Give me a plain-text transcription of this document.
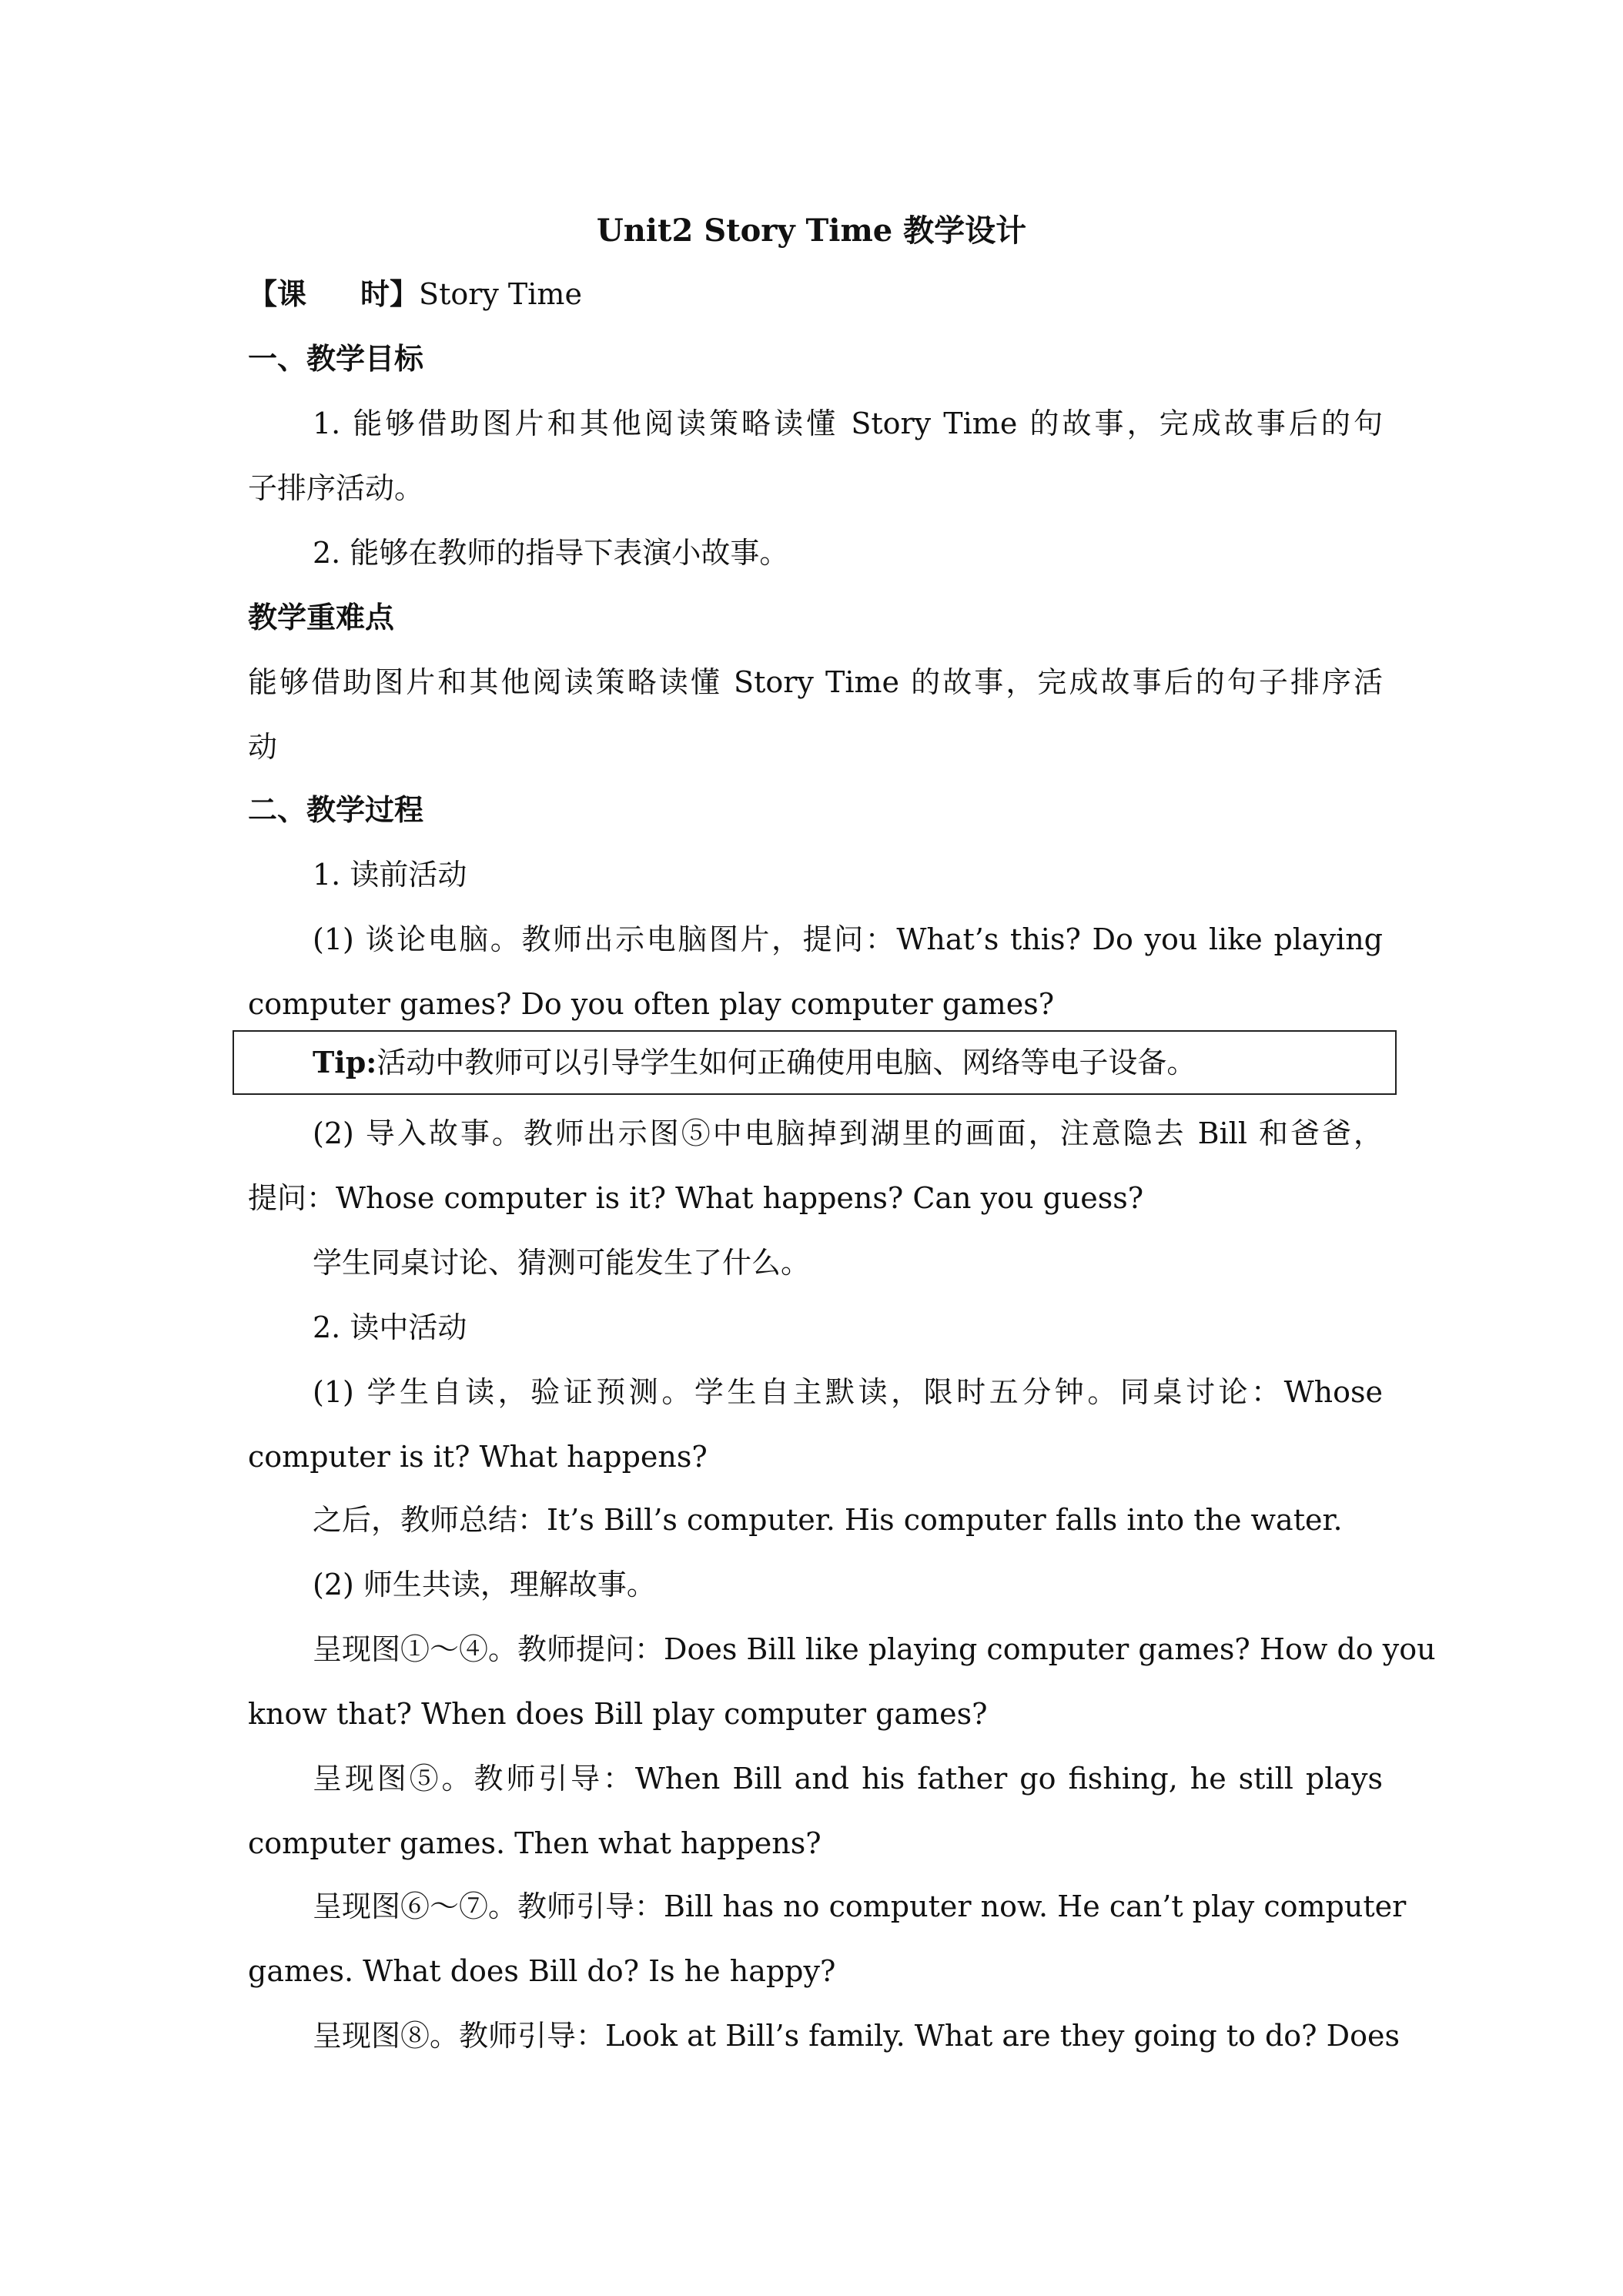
Unit2 Story Time 教学设计
【课 时】Story Time
一、教学目标
1. 能够借助图片和其他阅读策略读懂 Story Time 的故事，完成故事后的句
子排序活动。
2. 能够在教师的指导下表演小故事。
教学重难点
能够借助图片和其他阅读策略读懂 Story Time 的故事，完成故事后的句子排序活
动
二、教学过程
1. 读前活动
(1) 谈论电脑。教师出示电脑图片，提问：What’s this? Do you like playing
computer games? Do you often play computer games?
Tip:活动中教师可以引导学生如何正确使用电脑、网络等电子设备。
(2) 导入故事。教师出示图⑤中电脑掉到湖里的画面，注意隐去 Bill 和爸爸，
提问：Whose computer is it? What happens? Can you guess?
学生同桌讨论、猜测可能发生了什么。
2. 读中活动
(1) 学生自读，验证预测。学生自主默读，限时五分钟。同桌讨论：Whose
computer is it? What happens?
之后，教师总结：It’s Bill’s computer. His computer falls into the water.
(2) 师生共读，理解故事。
呈现图①～④。教师提问：Does Bill like playing computer games? How do you
know that? When does Bill play computer games?
呈现图⑤。教师引导：When Bill and his father go fishing, he still plays
computer games. Then what happens?
呈现图⑥～⑦。教师引导：Bill has no computer now. He can’t play computer
games. What does Bill do? Is he happy?
呈现图⑧。教师引导：Look at Bill’s family. What are they going to do? Does
